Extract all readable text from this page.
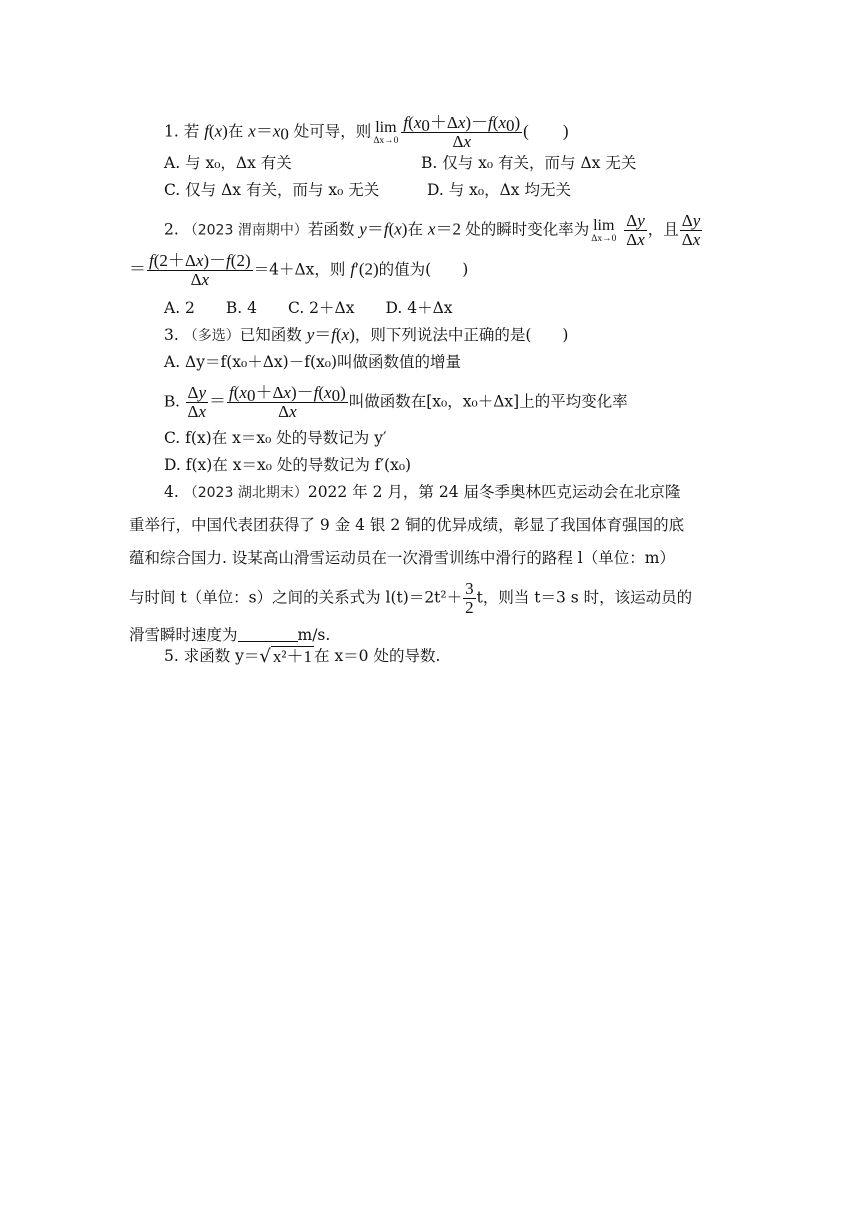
1. 若 f(x)在 $x=x_0$ 处可导，则 lim
$\Delta x\to 0 \frac{f(x_0+\Delta x)-f(x_0)}{\Delta x}$ (　　)
A. 与 x₀，Δx 有关	B. 仅与 x₀ 有关，而与 Δx 无关
C. 仅与 Δx 有关，而与 x₀ 无关	D. 与 x₀，Δx 均无关
2. （2023 渭南期中）若函数 y＝f(x)在 x＝2 处的瞬时变化率为 lim
Δx→0
$\frac{\Delta y}{\Delta x}$ ，且 $\frac{\Delta y}{\Delta x}$
＝ $\frac{f(2+\Delta x)-f(2)}{\Delta x} =4+\Delta x$，则 f′(2)的值为(　　)
A. 2　　B. 4　　C. 2＋Δx　　D. 4＋Δx
3. （多选）已知函数 y＝f(x)，则下列说法中正确的是(　　)
A. Δy＝f(x₀＋Δx)－f(x₀)叫做函数值的增量
B. $\frac{\Delta y}{\Delta x} = \frac{f(x_0+\Delta x)-f(x_0)}{\Delta x}$ 叫做函数在[x₀，x₀＋Δx]上的平均变化率
C. f(x)在 x＝x₀ 处的导数记为 y′
D. f(x)在 x＝x₀ 处的导数记为 f′(x₀)
4. （2023 湖北期末）2022 年 2 月，第 24 届冬季奥林匹克运动会在北京隆
重举行，中国代表团获得了 9 金 4 银 2 铜的优异成绩，彰显了我国体育强国的底
蕴和综合国力. 设某高山滑雪运动员在一次滑雪训练中滑行的路程 l（单位：m）
与时间 t（单位：s）之间的关系式为 $l(t)=2t^2+ \frac{3}{2}$ t，则当 t＝3 s 时，该运动员的
滑雪瞬时速度为	m/s.
5. 求函数 y＝√ x²＋1 在 x＝0 处的导数.
